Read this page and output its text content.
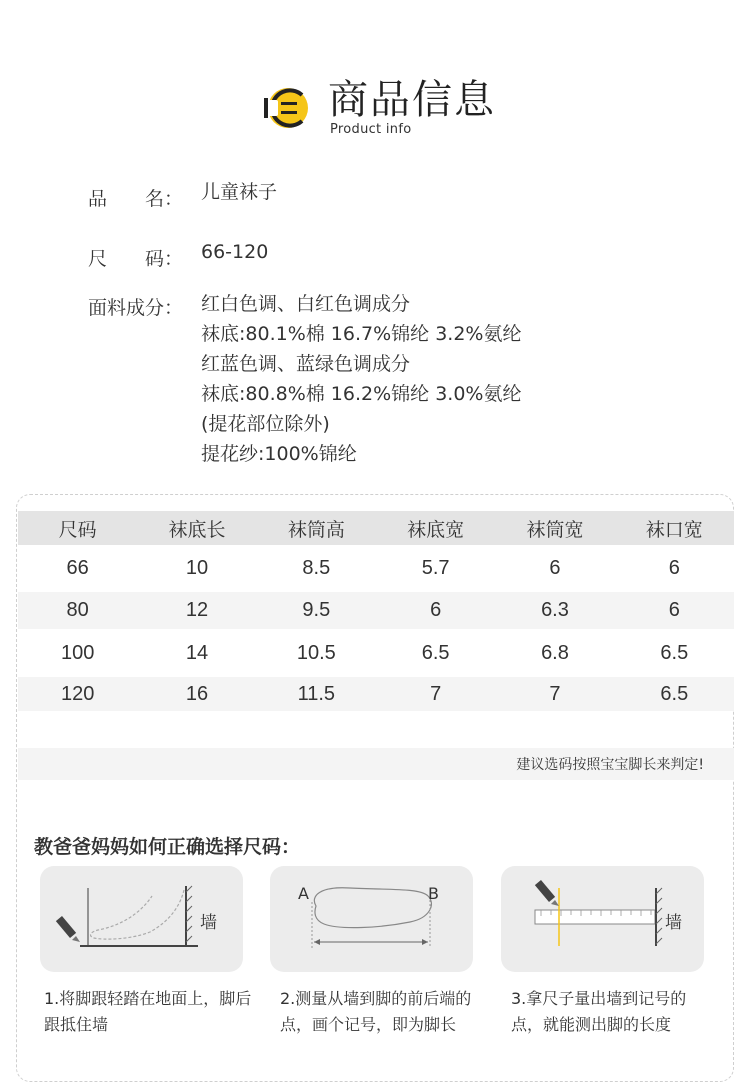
商品信息
Product info
品 名： 儿童袜子
尺 码： 66-120
面料成分： 红白色调、白红色调成分
袜底:80.1%棉 16.7%锦纶 3.2%氨纶
红蓝色调、蓝绿色调成分
袜底:80.8%棉 16.2%锦纶 3.0%氨纶
(提花部位除外)
提花纱:100%锦纶
尺码	袜底长	袜筒高	袜底宽	袜筒宽	袜口宽
66	10	8.5	5.7	6	6
80	12	9.5	6	6.3	6
100	14	10.5	6.5	6.8	6.5
120	16	11.5	7	7	6.5
建议选码按照宝宝脚长来判定!
教爸爸妈妈如何正确选择尺码：
墙
A	B
墙
1.将脚跟轻踏在地面上，脚后跟抵住墙
2.测量从墙到脚的前后端的点，画个记号，即为脚长
3.拿尺子量出墙到记号的点，就能测出脚的长度
